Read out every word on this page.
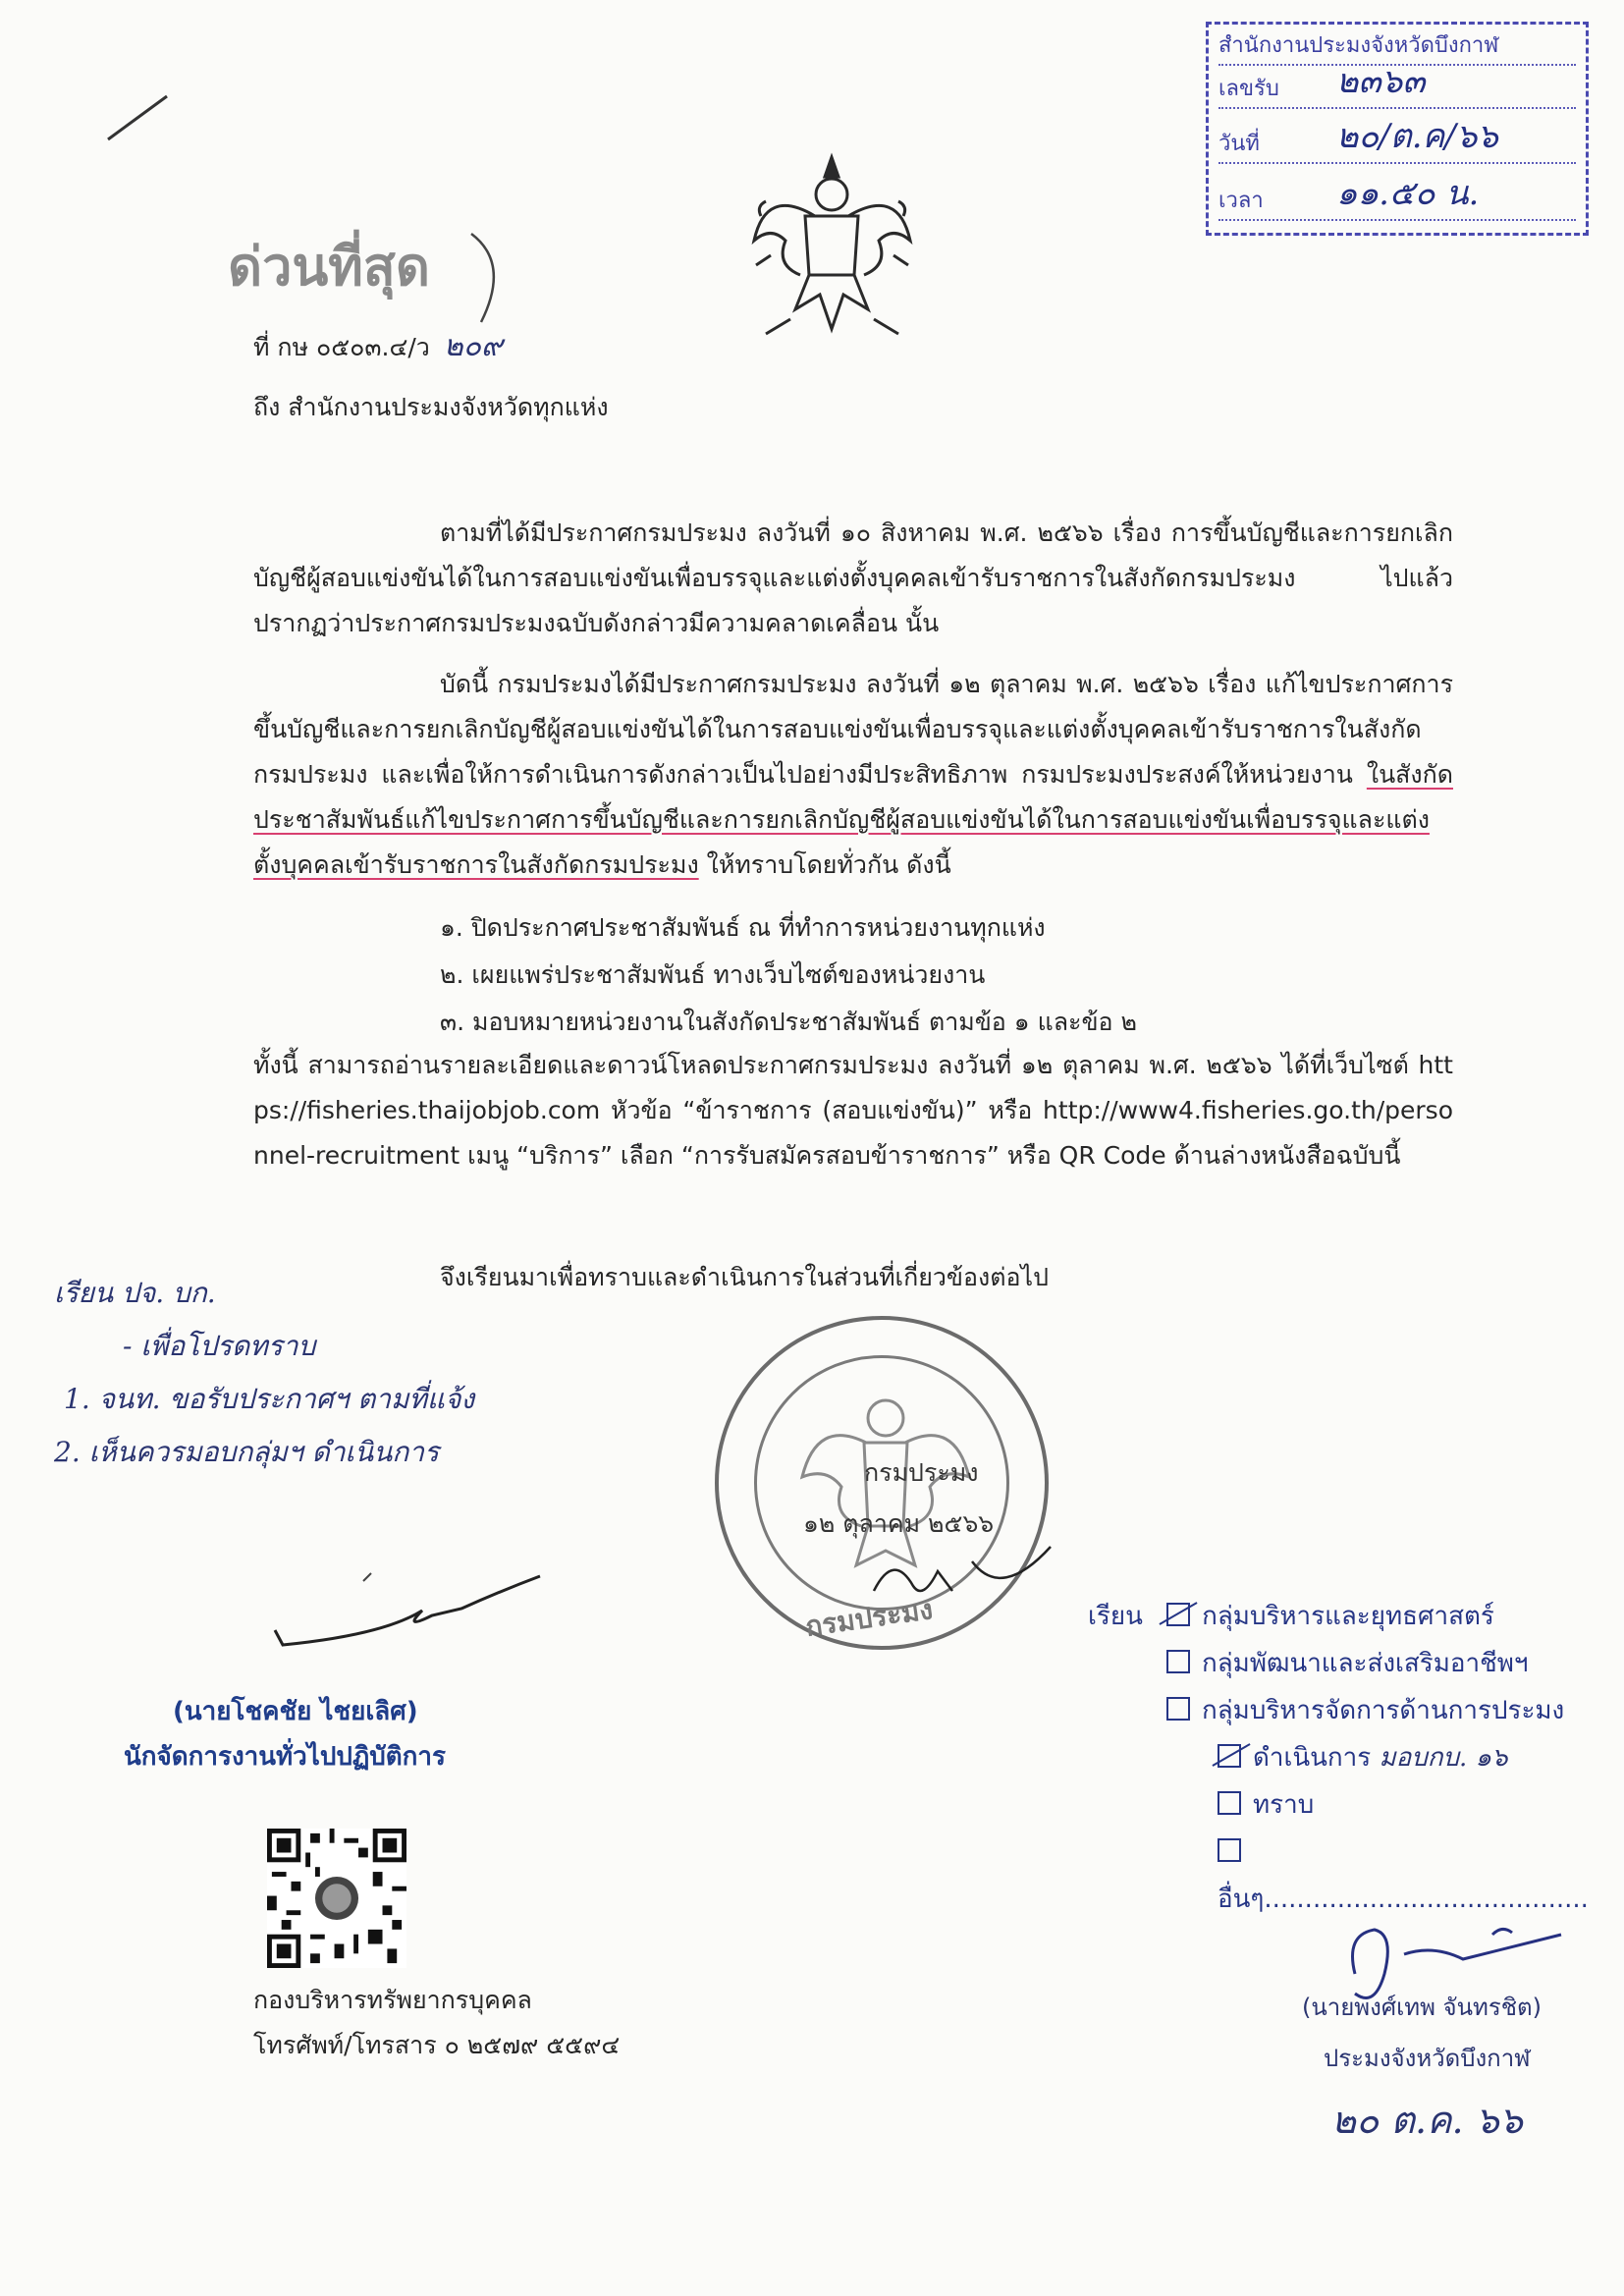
สำนักงานประมงจังหวัดบึงกาฬ
เลขรับ ๒๓๖๓
วันที่ ๒๐/ต.ค/๖๖
เวลา ๑๑.๕๐ น.
ด่วนที่สุด
ที่ กษ ๐๕๐๓.๔/ว ๒๐๙
ถึง สำนักงานประมงจังหวัดทุกแห่ง
ตามที่ได้มีประกาศกรมประมง ลงวันที่ ๑๐ สิงหาคม พ.ศ. ๒๕๖๖ เรื่อง การขึ้นบัญชีและการยกเลิกบัญชีผู้สอบแข่งขันได้ในการสอบแข่งขันเพื่อบรรจุและแต่งตั้งบุคคลเข้ารับราชการในสังกัดกรมประมง ไปแล้ว ปรากฏว่าประกาศกรมประมงฉบับดังกล่าวมีความคลาดเคลื่อน นั้น
บัดนี้ กรมประมงได้มีประกาศกรมประมง ลงวันที่ ๑๒ ตุลาคม พ.ศ. ๒๕๖๖ เรื่อง แก้ไขประกาศการขึ้นบัญชีและการยกเลิกบัญชีผู้สอบแข่งขันได้ในการสอบแข่งขันเพื่อบรรจุและแต่งตั้งบุคคลเข้ารับราชการในสังกัดกรมประมง และเพื่อให้การดำเนินการดังกล่าวเป็นไปอย่างมีประสิทธิภาพ กรมประมงประสงค์ให้หน่วยงาน ในสังกัดประชาสัมพันธ์แก้ไขประกาศการขึ้นบัญชีและการยกเลิกบัญชีผู้สอบแข่งขันได้ในการสอบแข่งขันเพื่อบรรจุและแต่งตั้งบุคคลเข้ารับราชการในสังกัดกรมประมง ให้ทราบโดยทั่วกัน ดังนี้
๑. ปิดประกาศประชาสัมพันธ์ ณ ที่ทำการหน่วยงานทุกแห่ง
๒. เผยแพร่ประชาสัมพันธ์ ทางเว็บไซต์ของหน่วยงาน
๓. มอบหมายหน่วยงานในสังกัดประชาสัมพันธ์ ตามข้อ ๑ และข้อ ๒
ทั้งนี้ สามารถอ่านรายละเอียดและดาวน์โหลดประกาศกรมประมง ลงวันที่ ๑๒ ตุลาคม พ.ศ. ๒๕๖๖ ได้ที่เว็บไซต์ https://fisheries.thaijobjob.com หัวข้อ “ข้าราชการ (สอบแข่งขัน)” หรือ http://www4.fisheries.go.th/personnel-recruitment เมนู “บริการ” เลือก “การรับสมัครสอบข้าราชการ” หรือ QR Code ด้านล่างหนังสือฉบับนี้
จึงเรียนมาเพื่อทราบและดำเนินการในส่วนที่เกี่ยวข้องต่อไป
เรียน ปจ. บก.
- เพื่อโปรดทราบ
1. จนท. ขอรับประกาศฯ ตามที่แจ้ง
2. เห็นควรมอบกลุ่มฯ ดำเนินการ
กรมประมง
๑๒ ตุลาคม ๒๕๖๖
กรมประมง
(นายโชคชัย ไชยเลิศ)
นักจัดการงานทั่วไปปฏิบัติการ
กองบริหารทรัพยากรบุคคล
โทรศัพท์/โทรสาร ๐ ๒๕๗๙ ๕๕๙๔
เรียน กลุ่มบริหารและยุทธศาสตร์
กลุ่มพัฒนาและส่งเสริมอาชีพฯ
กลุ่มบริหารจัดการด้านการประมง
ดำเนินการ มอบกบ. ๑๖
ทราบ
อื่นๆ........................................
(นายพงศ์เทพ จันทรชิต)
ประมงจังหวัดบึงกาฬ
๒๐ ต.ค. ๖๖
